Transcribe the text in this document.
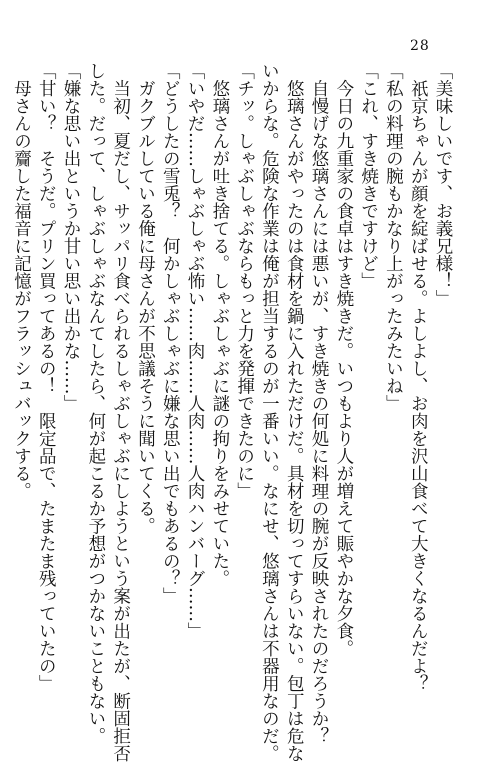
28

「美味しいです、お義兄様！」

　祇京ちゃんが顔を綻ばせる。よしよし、お肉を沢山食べて大きくなるんだよ？

「私の料理の腕もかなり上がったみたいね」

「これ、すき焼きですけど」

　今日の九重家の食卓はすき焼きだ。いつもより人が増えて賑やかな夕食。

　自慢げな悠璃さんには悪いが、すき焼きの何処に料理の腕が反映されたのだろうか？

　悠璃さんがやったのは食材を鍋に入れただけだ。具材を切ってすらいない。包丁は危な

いからな。危険な作業は俺が担当するのが一番いい。なにせ、悠璃さんは不器用なのだ。

「チッ。しゃぶしゃぶならもっと力を発揮できたのに」

　悠璃さんが吐き捨てる。しゃぶしゃぶに謎の拘りをみせていた。

「いやだ……しゃぶしゃぶ怖い……肉……人肉……人肉ハンバーグ……」

「どうしたの雪兎？　何かしゃぶしゃぶに嫌な思い出でもあるの？」

　ガクブルしている俺に母さんが不思議そうに聞いてくる。

　当初、夏だし、サッパリ食べられるしゃぶしゃぶにしようという案が出たが、断固拒否

した。だって、しゃぶしゃぶなんてしたら、何が起こるか予想がつかないこともない。

「嫌な思い出というか甘い思い出かな……」

「甘い？　そうだ。プリン買ってあるの！　限定品で、たまたま残っていたの」

　母さんの齎した福音に記憶がフラッシュバックする。
